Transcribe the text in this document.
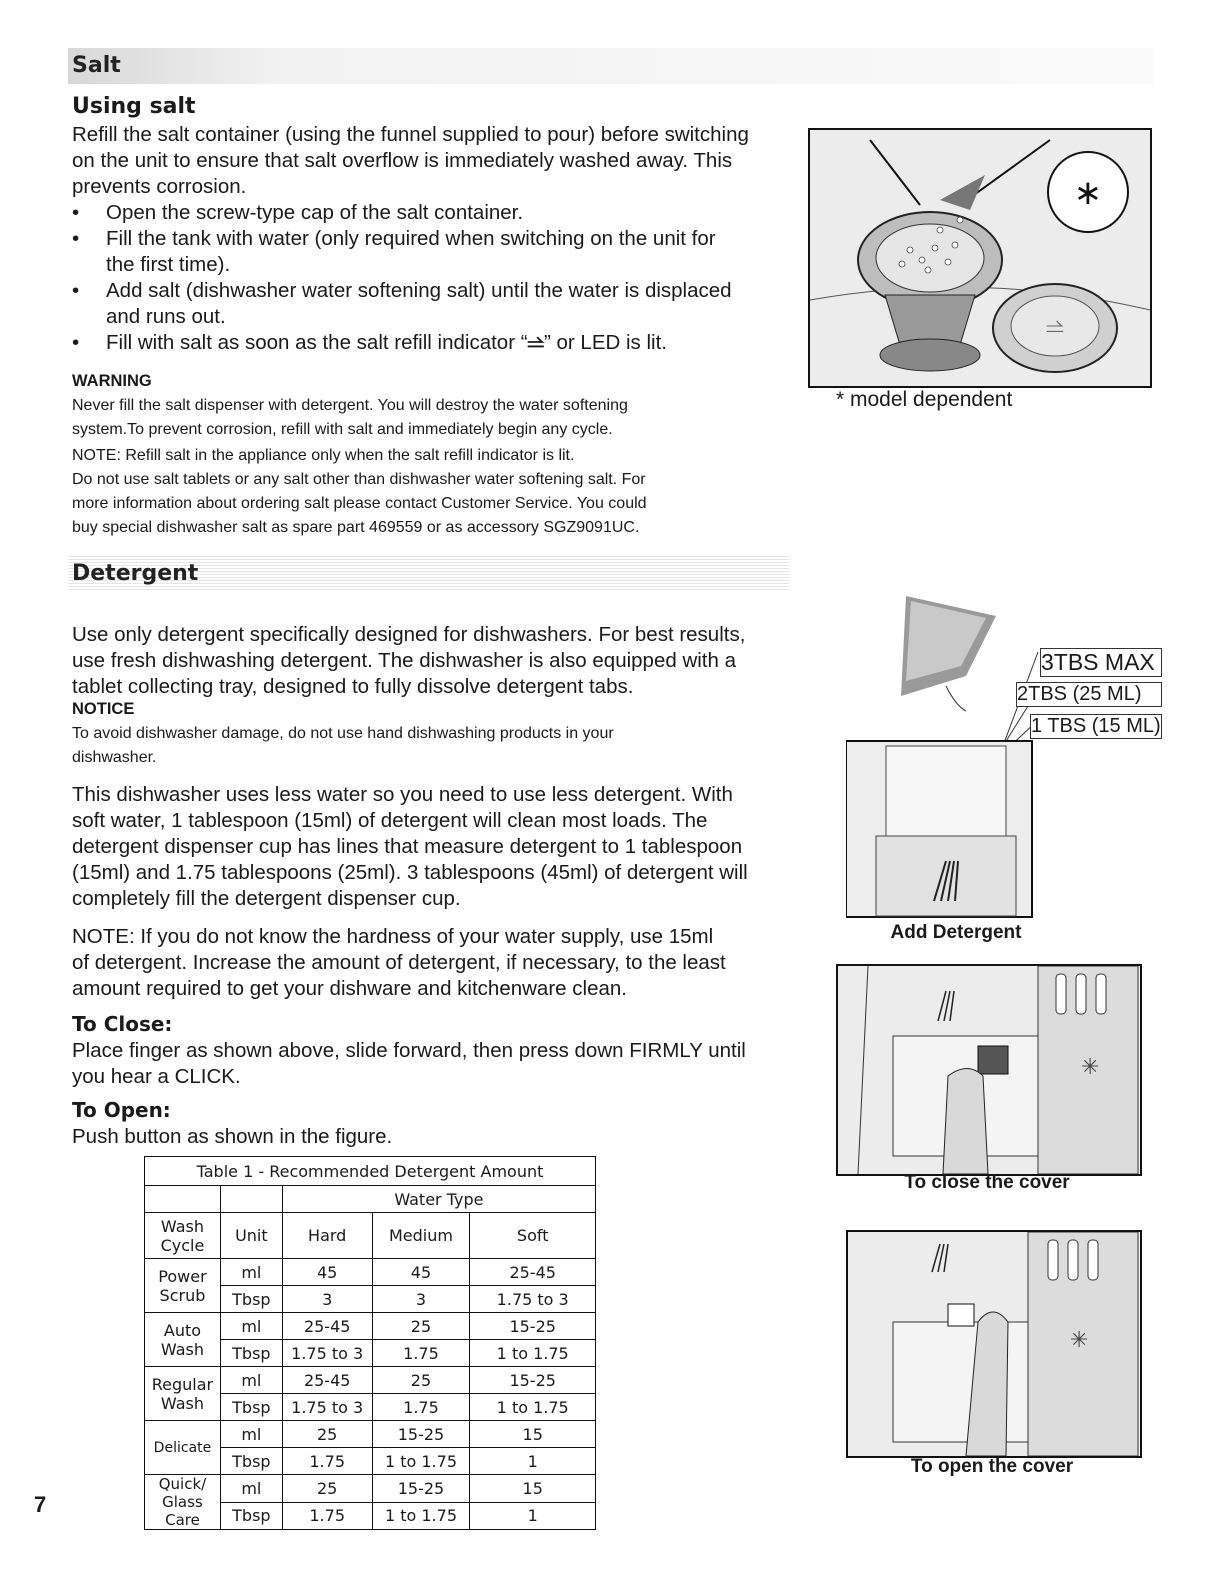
Salt
Using salt
Refill the salt container (using the funnel supplied to pour) before switching
on the unit to ensure that salt overflow is immediately washed away. This
prevents corrosion.
• Open the screw-type cap of the salt container.
• Fill the tank with water (only required when switching on the unit for
the first time).
• Add salt (dishwasher water softening salt) until the water is displaced
and runs out.
• Fill with salt as soon as the salt refill indicator “⥬” or LED is lit.
WARNING
Never fill the salt dispenser with detergent. You will destroy the water softening
system.To prevent corrosion, refill with salt and immediately begin any cycle.
NOTE: Refill salt in the appliance only when the salt refill indicator is lit.
Do not use salt tablets or any salt other than dishwasher water softening salt. For
more information about ordering salt please contact Customer Service. You could
buy special dishwasher salt as spare part 469559 or as accessory SGZ9091UC.
⥬
∗
* model dependent
Detergent
Use only detergent specifically designed for dishwashers. For best results,
use fresh dishwashing detergent. The dishwasher is also equipped with a
tablet collecting tray, designed to fully dissolve detergent tabs.
NOTICE
To avoid dishwasher damage, do not use hand dishwashing products in your
dishwasher.
This dishwasher uses less water so you need to use less detergent. With
soft water, 1 tablespoon (15ml) of detergent will clean most loads. The
detergent dispenser cup has lines that measure detergent to 1 tablespoon
(15ml) and 1.75 tablespoons (25ml). 3 tablespoons (45ml) of detergent will
completely fill the detergent dispenser cup.
NOTE: If you do not know the hardness of your water supply, use 15ml
of detergent. Increase the amount of detergent, if necessary, to the least
amount required to get your dishware and kitchenware clean.
To Close:
Place finger as shown above, slide forward, then press down FIRMLY until
you hear a CLICK.
To Open:
Push button as shown in the figure.
Table 1 - Recommended Detergent Amount				
		Water Type		
Wash Cycle	Unit	Hard	Medium	Soft
Power Scrub	ml	45	45	25-45
	Tbsp	3	3	1.75 to 3
Auto Wash	ml	25-45	25	15-25
	Tbsp	1.75 to 3	1.75	1 to 1.75
Regular Wash	ml	25-45	25	15-25
	Tbsp	1.75 to 3	1.75	1 to 1.75
Delicate	ml	25	15-25	15
	Tbsp	1.75	1 to 1.75	1
Quick/ Glass Care	ml	25	15-25	15
	Tbsp	1.75	1 to 1.75	1
3TBS MAX
2TBS (25 ML)
1 TBS (15 ML)
Add Detergent
✳
To close the cover
✳
To open the cover
7
